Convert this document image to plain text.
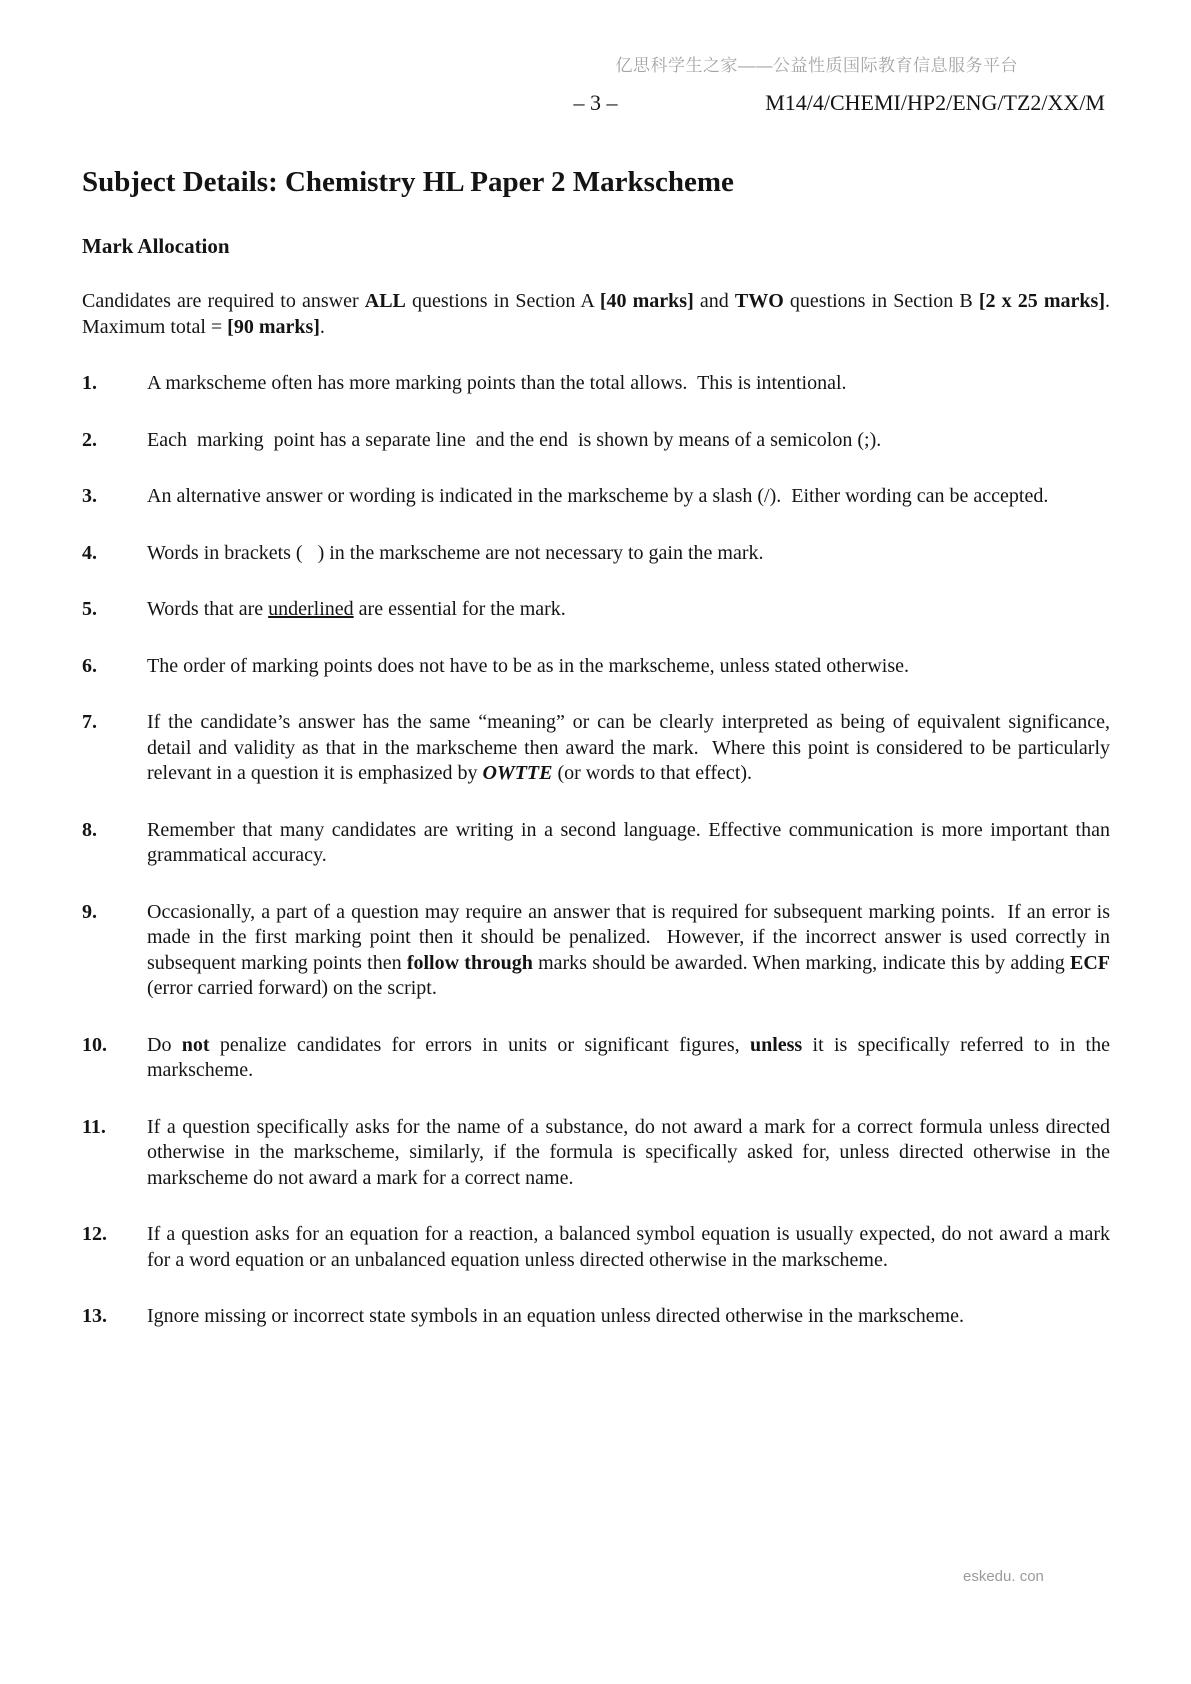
亿思科学生之家——公益性质国际教育信息服务平台
– 3 –	M14/4/CHEMI/HP2/ENG/TZ2/XX/M
Subject Details: Chemistry HL Paper 2 Markscheme
Mark Allocation

Candidates are required to answer ALL questions in Section A [40 marks] and TWO questions in Section B [2 x 25 marks].  Maximum total = [90 marks].

1.	A markscheme often has more marking points than the total allows.  This is intentional.
2.	Each  marking  point has a separate line  and the end  is shown by means of a semicolon (;).
3.	An alternative answer or wording is indicated in the markscheme by a slash (/).  Either wording can be accepted.
4.	Words in brackets (   ) in the markscheme are not necessary to gain the mark.
5.	Words that are underlined are essential for the mark.
6.	The order of marking points does not have to be as in the markscheme, unless stated otherwise.
7.	If the candidate’s answer has the same “meaning” or can be clearly interpreted as being of equivalent significance, detail and validity as that in the markscheme then award the mark.  Where this point is considered to be particularly relevant in a question it is emphasized by OWTTE (or words to that effect).
8.	Remember that many candidates are writing in a second language. Effective communication is more important than grammatical accuracy.
9.	Occasionally, a part of a question may require an answer that is required for subsequent marking points.  If an error is made in the first marking point then it should be penalized.  However, if the incorrect answer is used correctly in subsequent marking points then follow through marks should be awarded. When marking, indicate this by adding ECF (error carried forward) on the script.
10.	Do not penalize candidates for errors in units or significant figures, unless it is specifically referred to in the markscheme.
11.	If a question specifically asks for the name of a substance, do not award a mark for a correct formula unless directed otherwise in the markscheme, similarly, if the formula is specifically asked for, unless directed otherwise in the markscheme do not award a mark for a correct name.
12.	If a question asks for an equation for a reaction, a balanced symbol equation is usually expected, do not award a mark for a word equation or an unbalanced equation unless directed otherwise in the markscheme.
13.	Ignore missing or incorrect state symbols in an equation unless directed otherwise in the markscheme.
eskedu. con
